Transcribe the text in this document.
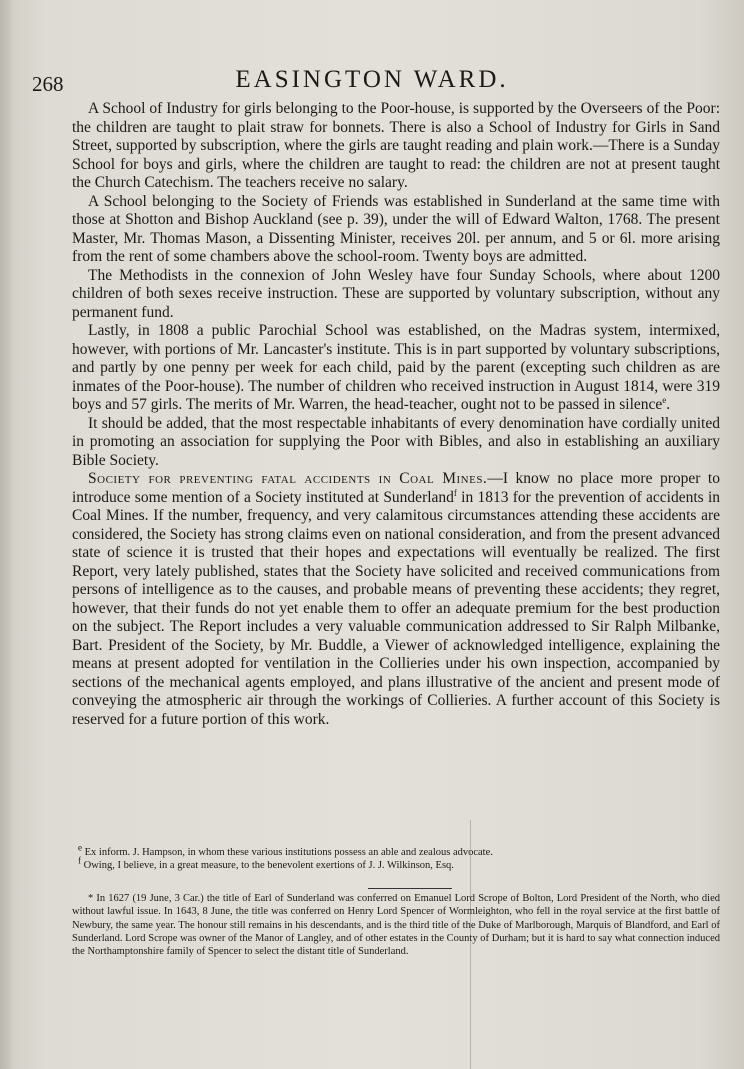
268	EASINGTON WARD.

A School of Industry for girls belonging to the Poor-house, is supported by the Overseers of the Poor: the children are taught to plait straw for bonnets. There is also a School of Industry for Girls in Sand Street, supported by subscription, where the girls are taught reading and plain work.—There is a Sunday School for boys and girls, where the children are taught to read: the children are not at present taught the Church Catechism. The teachers receive no salary.

A School belonging to the Society of Friends was established in Sunderland at the same time with those at Shotton and Bishop Auckland (see p. 39), under the will of Edward Walton, 1768. The present Master, Mr. Thomas Mason, a Dissenting Minister, receives 20l. per annum, and 5 or 6l. more arising from the rent of some chambers above the school-room. Twenty boys are admitted.

The Methodists in the connexion of John Wesley have four Sunday Schools, where about 1200 children of both sexes receive instruction. These are supported by voluntary subscription, without any permanent fund.

Lastly, in 1808 a public Parochial School was established, on the Madras system, intermixed, however, with portions of Mr. Lancaster's institute. This is in part supported by voluntary subscriptions, and partly by one penny per week for each child, paid by the parent (excepting such children as are inmates of the Poor-house). The number of children who received instruction in August 1814, were 319 boys and 57 girls. The merits of Mr. Warren, the head-teacher, ought not to be passed in silence$^e$.

It should be added, that the most respectable inhabitants of every denomination have cordially united in promoting an association for supplying the Poor with Bibles, and also in establishing an auxiliary Bible Society.

Society for preventing fatal accidents in Coal Mines.—I know no place more proper to introduce some mention of a Society instituted at Sunderland$^f$ in 1813 for the prevention of accidents in Coal Mines. If the number, frequency, and very calamitous circumstances attending these accidents are considered, the Society has strong claims even on national consideration, and from the present advanced state of science it is trusted that their hopes and expectations will eventually be realized. The first Report, very lately published, states that the Society have solicited and received communications from persons of intelligence as to the causes, and probable means of preventing these accidents; they regret, however, that their funds do not yet enable them to offer an adequate premium for the best production on the subject. The Report includes a very valuable communication addressed to Sir Ralph Milbanke, Bart. President of the Society, by Mr. Buddle, a Viewer of acknowledged intelligence, explaining the means at present adopted for ventilation in the Collieries under his own inspection, accompanied by sections of the mechanical agents employed, and plans illustrative of the ancient and present mode of conveying the atmospheric air through the workings of Collieries. A further account of this Society is reserved for a future portion of this work.

$^e$ Ex inform. J. Hampson, in whom these various institutions possess an able and zealous advocate.

$^f$ Owing, I believe, in a great measure, to the benevolent exertions of J. J. Wilkinson, Esq.

* In 1627 (19 June, 3 Car.) the title of Earl of Sunderland was conferred on Emanuel Lord Scrope of Bolton, Lord President of the North, who died without lawful issue. In 1643, 8 June, the title was conferred on Henry Lord Spencer of Wormleighton, who fell in the royal service at the first battle of Newbury, the same year. The honour still remains in his descendants, and is the third title of the Duke of Marlborough, Marquis of Blandford, and Earl of Sunderland. Lord Scrope was owner of the Manor of Langley, and of other estates in the County of Durham; but it is hard to say what connection induced the Northamptonshire family of Spencer to select the distant title of Sunderland.
